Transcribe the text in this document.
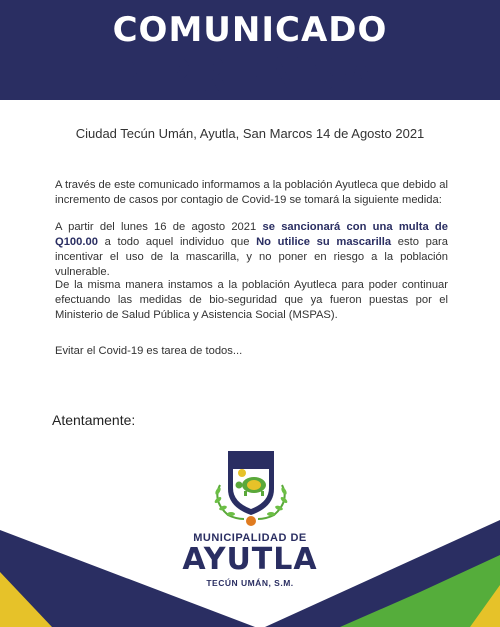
COMUNICADO
DEPRENSA
Ciudad Tecún Umán, Ayutla, San Marcos 14 de Agosto 2021
A través de este comunicado informamos a la población Ayutleca que debido al incremento de casos por contagio de Covid-19 se tomará la siguiente medida:
A partir del lunes 16 de agosto 2021 se sancionará con una multa de Q100.00 a todo aquel individuo que No utilice su mascarilla esto para incentivar el uso de la mascarilla, y no poner en riesgo a la población vulnerable.
De la misma manera instamos a la población Ayutleca para poder continuar efectuando las medidas de bio-seguridad que ya fueron puestas por el Ministerio de Salud Pública y Asistencia Social (MSPAS).
Evitar el Covid-19 es tarea de todos...
Atentamente:
MUNICIPALIDAD DE
AYUTLA
TECÚN UMÁN, S.M.
